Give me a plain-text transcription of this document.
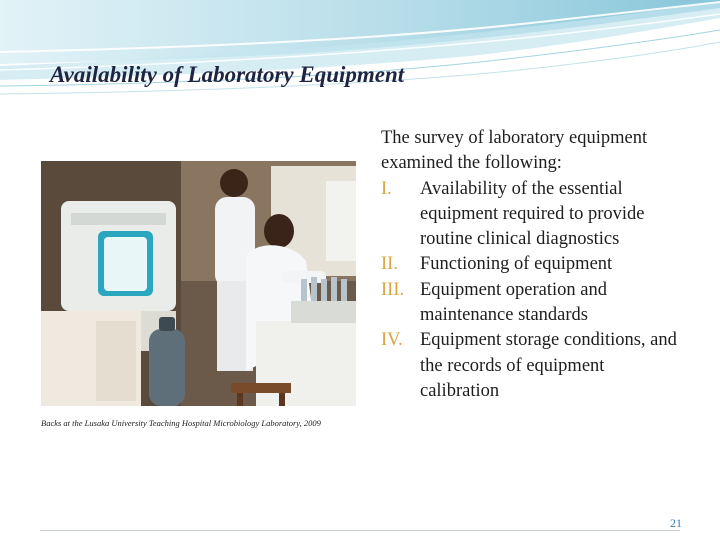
Availability of Laboratory Equipment
Backs at the Lusaka University Teaching Hospital Microbiology Laboratory, 2009
The survey of laboratory equipment examined the following:
I. Availability of the essential equipment required to provide routine clinical diagnostics
II. Functioning of equipment
III. Equipment operation and maintenance standards
IV. Equipment storage conditions, and the records of equipment calibration
21
